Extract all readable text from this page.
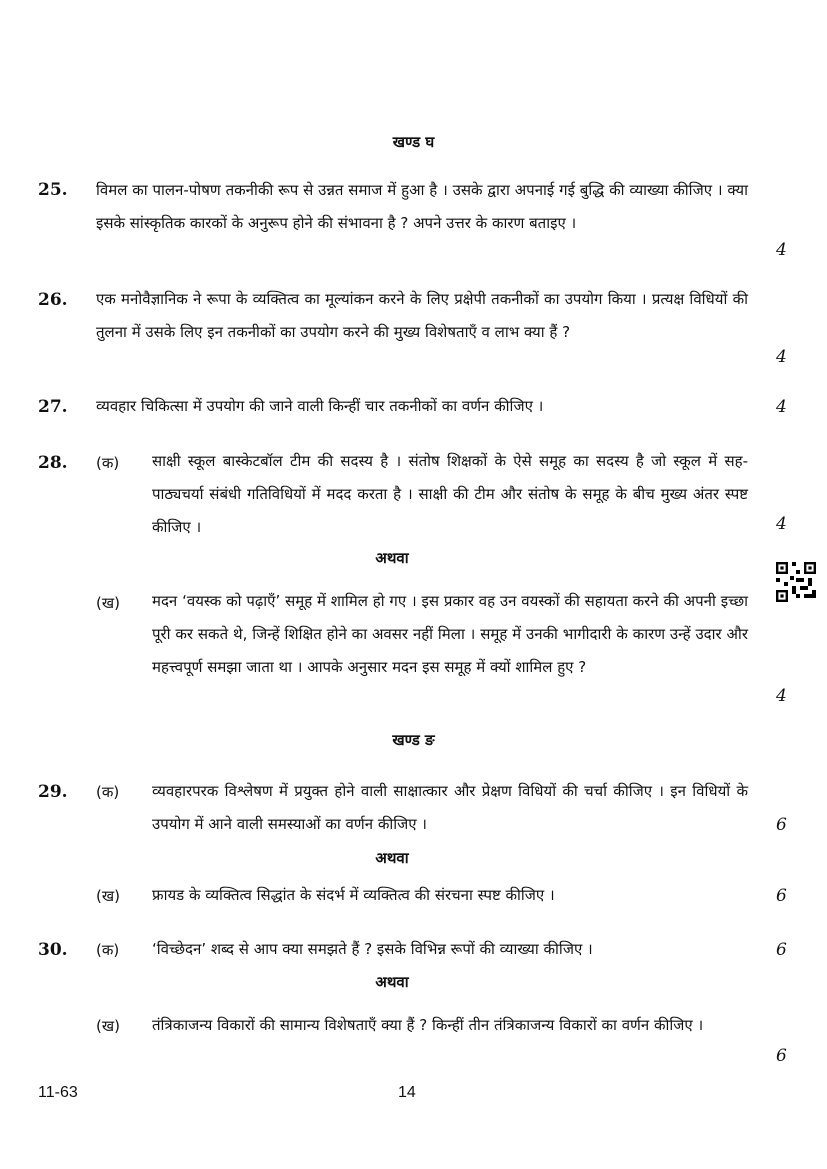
खण्ड घ
25. विमल का पालन-पोषण तकनीकी रूप से उन्नत समाज में हुआ है । उसके द्वारा अपनाई गई बुद्धि की व्याख्या कीजिए । क्या इसके सांस्कृतिक कारकों के अनुरूप होने की संभावना है ? अपने उत्तर के कारण बताइए ।
4
26. एक मनोवैज्ञानिक ने रूपा के व्यक्तित्व का मूल्यांकन करने के लिए प्रक्षेपी तकनीकों का उपयोग किया । प्रत्यक्ष विधियों की तुलना में उसके लिए इन तकनीकों का उपयोग करने की मुख्य विशेषताएँ व लाभ क्या हैं ?
4
27. व्यवहार चिकित्सा में उपयोग की जाने वाली किन्हीं चार तकनीकों का वर्णन कीजिए ।	4
28. (क) साक्षी स्कूल बास्केटबॉल टीम की सदस्य है । संतोष शिक्षकों के ऐसे समूह का सदस्य है जो स्कूल में सह-पाठ्यचर्या संबंधी गतिविधियों में मदद करता है । साक्षी की टीम और संतोष के समूह के बीच मुख्य अंतर स्पष्ट कीजिए ।	4
अथवा
(ख) मदन ‘वयस्क को पढ़ाएँ’ समूह में शामिल हो गए । इस प्रकार वह उन वयस्कों की सहायता करने की अपनी इच्छा पूरी कर सकते थे, जिन्हें शिक्षित होने का अवसर नहीं मिला । समूह में उनकी भागीदारी के कारण उन्हें उदार और महत्त्वपूर्ण समझा जाता था । आपके अनुसार मदन इस समूह में क्यों शामिल हुए ?
4
खण्ड ङ
29. (क) व्यवहारपरक विश्लेषण में प्रयुक्त होने वाली साक्षात्कार और प्रेक्षण विधियों की चर्चा कीजिए । इन विधियों के उपयोग में आने वाली समस्याओं का वर्णन कीजिए ।	6
अथवा
(ख) फ्रायड के व्यक्तित्व सिद्धांत के संदर्भ में व्यक्तित्व की संरचना स्पष्ट कीजिए ।	6
30. (क) ‘विच्छेदन’ शब्द से आप क्या समझते हैं ? इसके विभिन्न रूपों की व्याख्या कीजिए ।	6
अथवा
(ख) तंत्रिकाजन्य विकारों की सामान्य विशेषताएँ क्या हैं ? किन्हीं तीन तंत्रिकाजन्य विकारों का वर्णन कीजिए ।
6
11-63	14
